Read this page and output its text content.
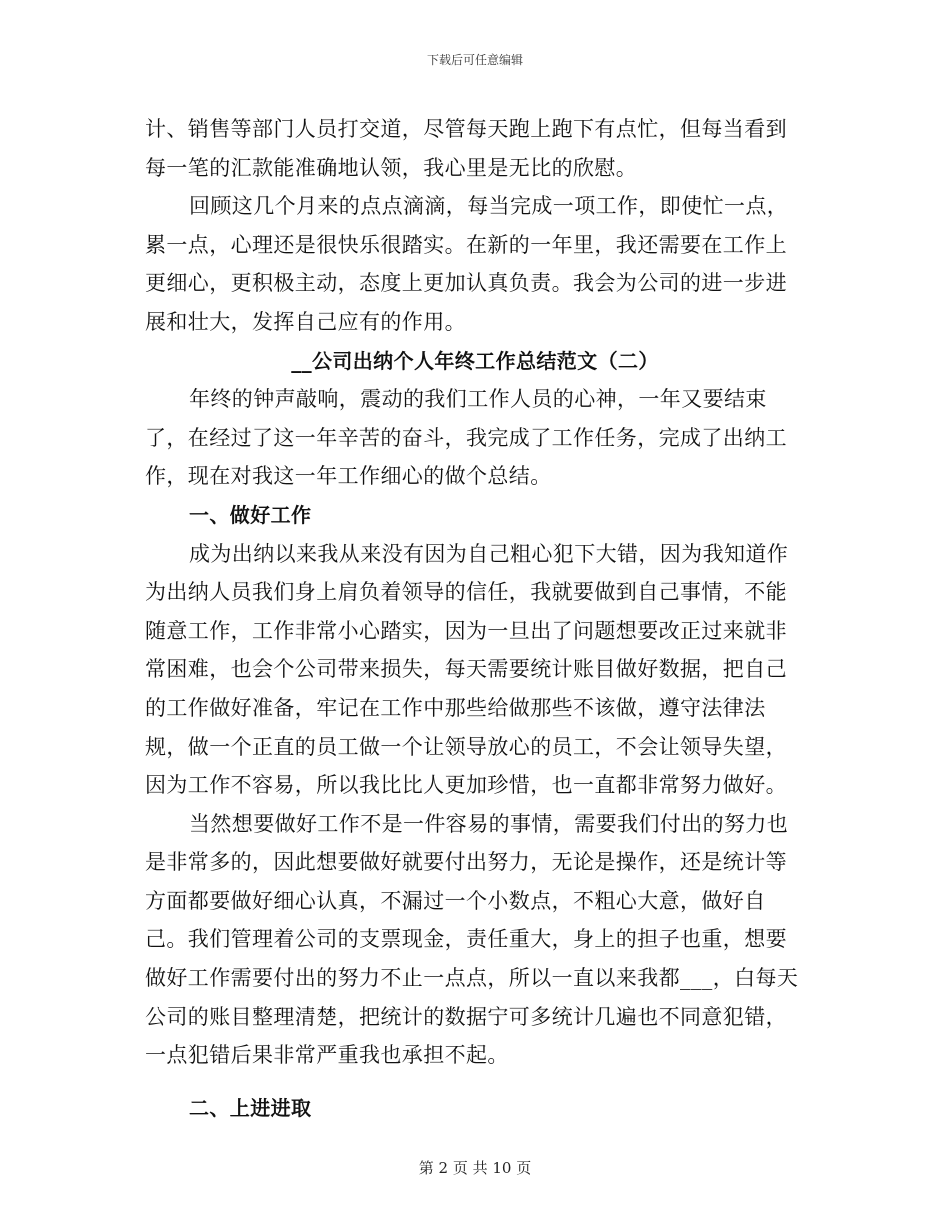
下载后可任意编辑

计、销售等部门人员打交道，尽管每天跑上跑下有点忙，但每当看到每一笔的汇款能准确地认领，我心里是无比的欣慰。

回顾这几个月来的点点滴滴，每当完成一项工作，即使忙一点，累一点，心理还是很快乐很踏实。在新的一年里，我还需要在工作上更细心，更积极主动，态度上更加认真负责。我会为公司的进一步进展和壮大，发挥自己应有的作用。

__公司出纳个人年终工作总结范文（二）

年终的钟声敲响，震动的我们工作人员的心神，一年又要结束了，在经过了这一年辛苦的奋斗，我完成了工作任务，完成了出纳工作，现在对我这一年工作细心的做个总结。

一、做好工作

成为出纳以来我从来没有因为自己粗心犯下大错，因为我知道作为出纳人员我们身上肩负着领导的信任，我就要做到自己事情，不能随意工作，工作非常小心踏实，因为一旦出了问题想要改正过来就非常困难，也会个公司带来损失，每天需要统计账目做好数据，把自己的工作做好准备，牢记在工作中那些给做那些不该做，遵守法律法规，做一个正直的员工做一个让领导放心的员工，不会让领导失望，因为工作不容易，所以我比比人更加珍惜，也一直都非常努力做好。

当然想要做好工作不是一件容易的事情，需要我们付出的努力也是非常多的，因此想要做好就要付出努力，无论是操作，还是统计等方面都要做好细心认真，不漏过一个小数点，不粗心大意，做好自己。我们管理着公司的支票现金，责任重大，身上的担子也重，想要做好工作需要付出的努力不止一点点，所以一直以来我都___，白每天公司的账目整理清楚，把统计的数据宁可多统计几遍也不同意犯错，一点犯错后果非常严重我也承担不起。

二、上进进取

第 2 页 共 10 页
